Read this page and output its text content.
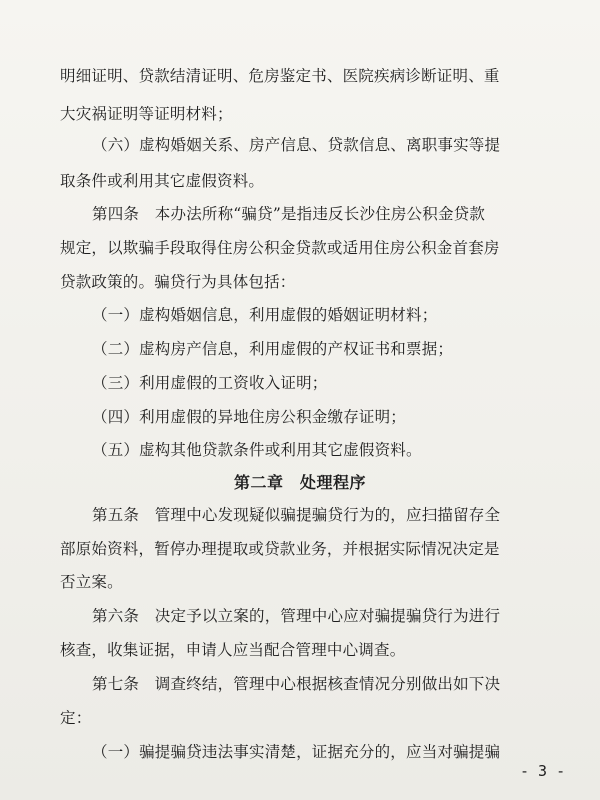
明细证明、贷款结清证明、危房鉴定书、医院疾病诊断证明、重
大灾祸证明等证明材料；
（六）虚构婚姻关系、房产信息、贷款信息、离职事实等提
取条件或利用其它虚假资料。
第四条　本办法所称“骗贷”是指违反长沙住房公积金贷款
规定，以欺骗手段取得住房公积金贷款或适用住房公积金首套房
贷款政策的。骗贷行为具体包括：
（一）虚构婚姻信息，利用虚假的婚姻证明材料；
（二）虚构房产信息，利用虚假的产权证书和票据；
（三）利用虚假的工资收入证明；
（四）利用虚假的异地住房公积金缴存证明；
（五）虚构其他贷款条件或利用其它虚假资料。
第二章　处理程序
第五条　管理中心发现疑似骗提骗贷行为的，应扫描留存全
部原始资料，暂停办理提取或贷款业务，并根据实际情况决定是
否立案。
第六条　决定予以立案的，管理中心应对骗提骗贷行为进行
核查，收集证据，申请人应当配合管理中心调查。
第七条　调查终结，管理中心根据核查情况分别做出如下决
定：
（一）骗提骗贷违法事实清楚，证据充分的，应当对骗提骗
- 3 -
